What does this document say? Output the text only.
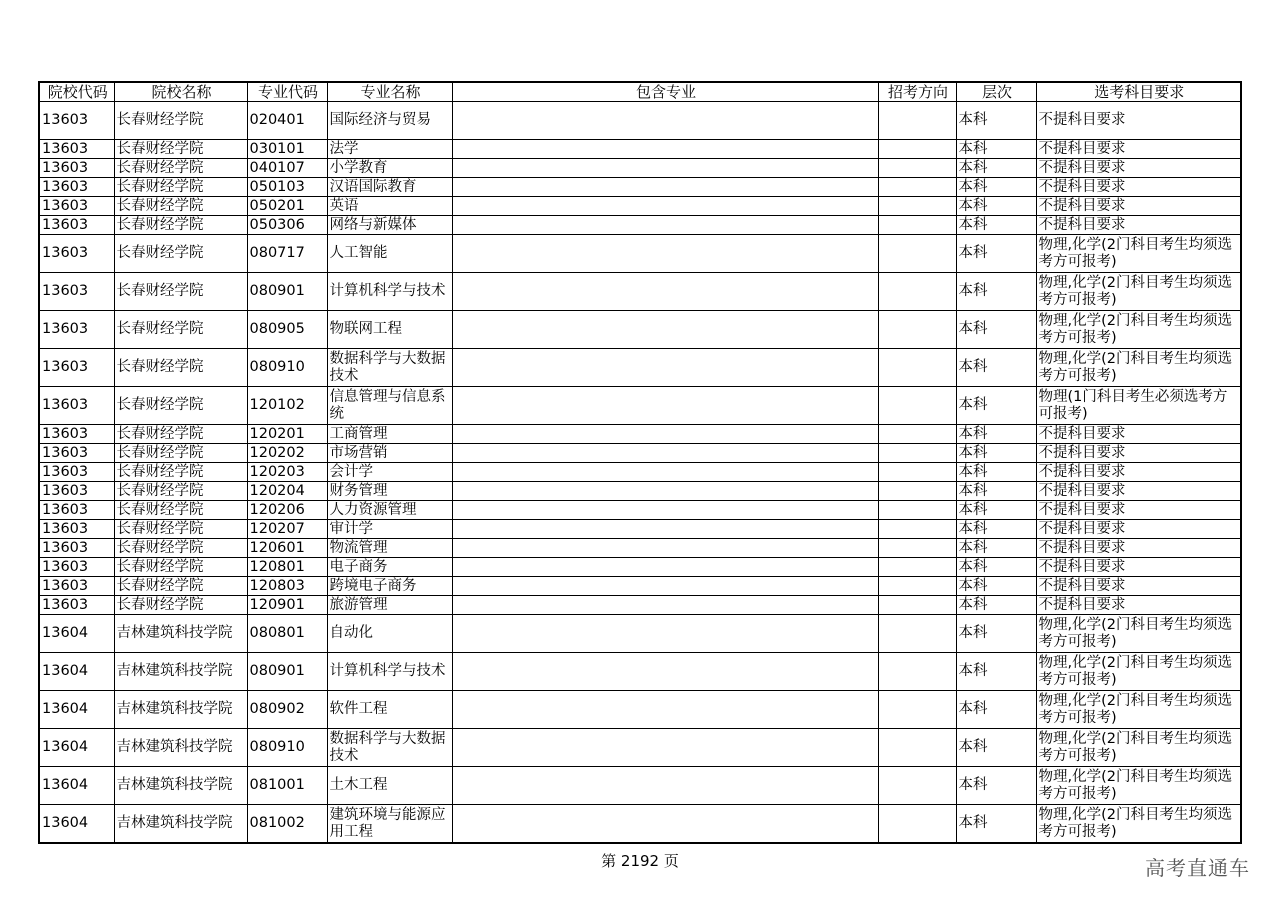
院校代码	院校名称	专业代码	专业名称	包含专业	招考方向	层次	选考科目要求
13603	长春财经学院	020401	国际经济与贸易			本科	不提科目要求
13603	长春财经学院	030101	法学			本科	不提科目要求
13603	长春财经学院	040107	小学教育			本科	不提科目要求
13603	长春财经学院	050103	汉语国际教育			本科	不提科目要求
13603	长春财经学院	050201	英语			本科	不提科目要求
13603	长春财经学院	050306	网络与新媒体			本科	不提科目要求
13603	长春财经学院	080717	人工智能			本科	物理,化学(2门科目考生均须选考方可报考)
13603	长春财经学院	080901	计算机科学与技术			本科	物理,化学(2门科目考生均须选考方可报考)
13603	长春财经学院	080905	物联网工程			本科	物理,化学(2门科目考生均须选考方可报考)
13603	长春财经学院	080910	数据科学与大数据技术			本科	物理,化学(2门科目考生均须选考方可报考)
13603	长春财经学院	120102	信息管理与信息系统			本科	物理(1门科目考生必须选考方可报考)
13603	长春财经学院	120201	工商管理			本科	不提科目要求
13603	长春财经学院	120202	市场营销			本科	不提科目要求
13603	长春财经学院	120203	会计学			本科	不提科目要求
13603	长春财经学院	120204	财务管理			本科	不提科目要求
13603	长春财经学院	120206	人力资源管理			本科	不提科目要求
13603	长春财经学院	120207	审计学			本科	不提科目要求
13603	长春财经学院	120601	物流管理			本科	不提科目要求
13603	长春财经学院	120801	电子商务			本科	不提科目要求
13603	长春财经学院	120803	跨境电子商务			本科	不提科目要求
13603	长春财经学院	120901	旅游管理			本科	不提科目要求
13604	吉林建筑科技学院	080801	自动化			本科	物理,化学(2门科目考生均须选考方可报考)
13604	吉林建筑科技学院	080901	计算机科学与技术			本科	物理,化学(2门科目考生均须选考方可报考)
13604	吉林建筑科技学院	080902	软件工程			本科	物理,化学(2门科目考生均须选考方可报考)
13604	吉林建筑科技学院	080910	数据科学与大数据技术			本科	物理,化学(2门科目考生均须选考方可报考)
13604	吉林建筑科技学院	081001	土木工程			本科	物理,化学(2门科目考生均须选考方可报考)
13604	吉林建筑科技学院	081002	建筑环境与能源应用工程			本科	物理,化学(2门科目考生均须选考方可报考)
第 2192 页	高考直通车
